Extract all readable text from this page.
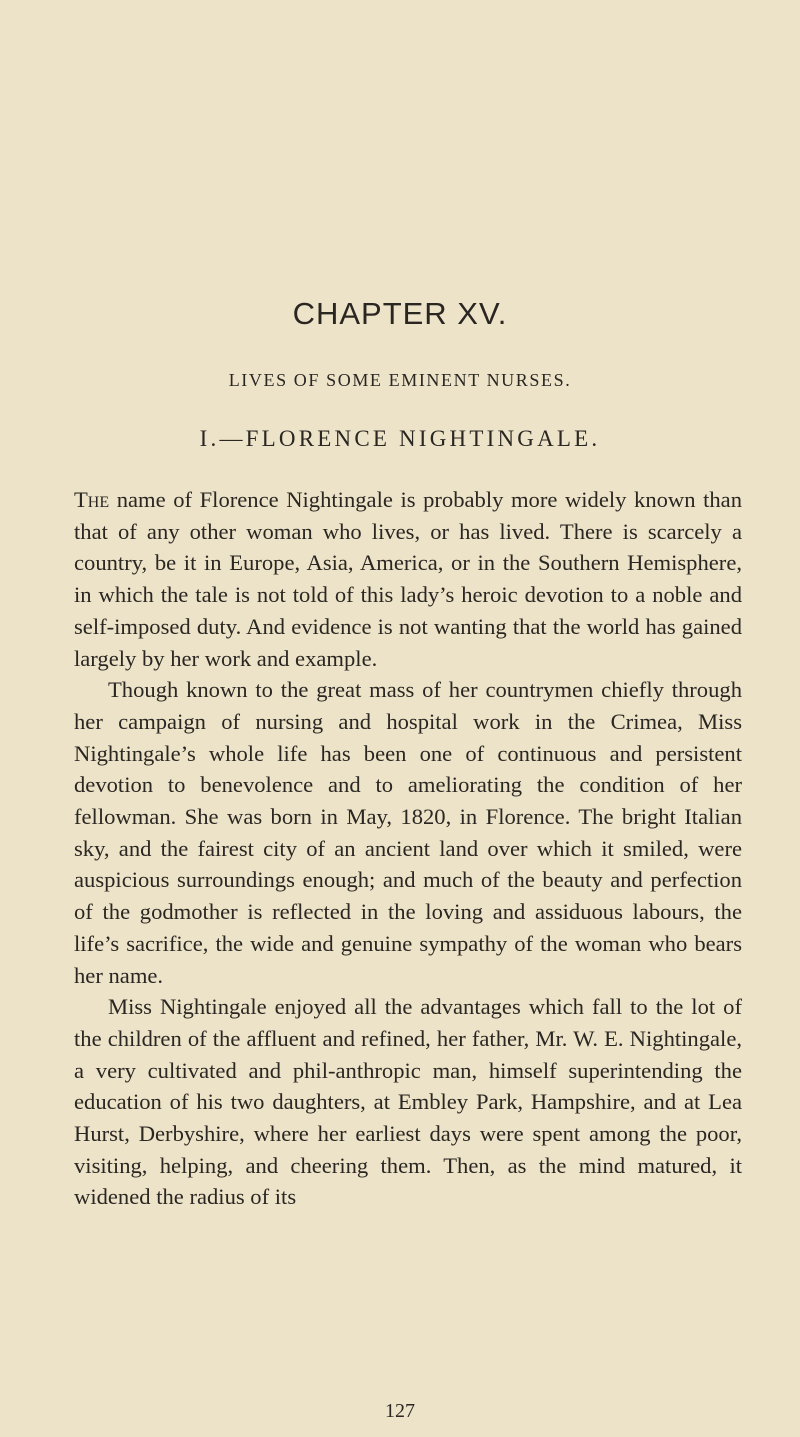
CHAPTER XV.
LIVES OF SOME EMINENT NURSES.
I.—FLORENCE NIGHTINGALE.

The name of Florence Nightingale is probably more widely known than that of any other woman who lives, or has lived. There is scarcely a country, be it in Europe, Asia, America, or in the Southern Hemisphere, in which the tale is not told of this lady’s heroic devotion to a noble and self-imposed duty. And evidence is not wanting that the world has gained largely by her work and example.

Though known to the great mass of her countrymen chiefly through her campaign of nursing and hospital work in the Crimea, Miss Nightingale’s whole life has been one of continuous and persistent devotion to benevolence and to ameliorating the condition of her fellowman. She was born in May, 1820, in Florence. The bright Italian sky, and the fairest city of an ancient land over which it smiled, were auspicious surroundings enough; and much of the beauty and perfection of the godmother is reflected in the loving and assiduous labours, the life’s sacrifice, the wide and genuine sympathy of the woman who bears her name.

Miss Nightingale enjoyed all the advantages which fall to the lot of the children of the affluent and refined, her father, Mr. W. E. Nightingale, a very cultivated and phil-anthropic man, himself superintending the education of his two daughters, at Embley Park, Hampshire, and at Lea Hurst, Derbyshire, where her earliest days were spent among the poor, visiting, helping, and cheering them. Then, as the mind matured, it widened the radius of its

127
